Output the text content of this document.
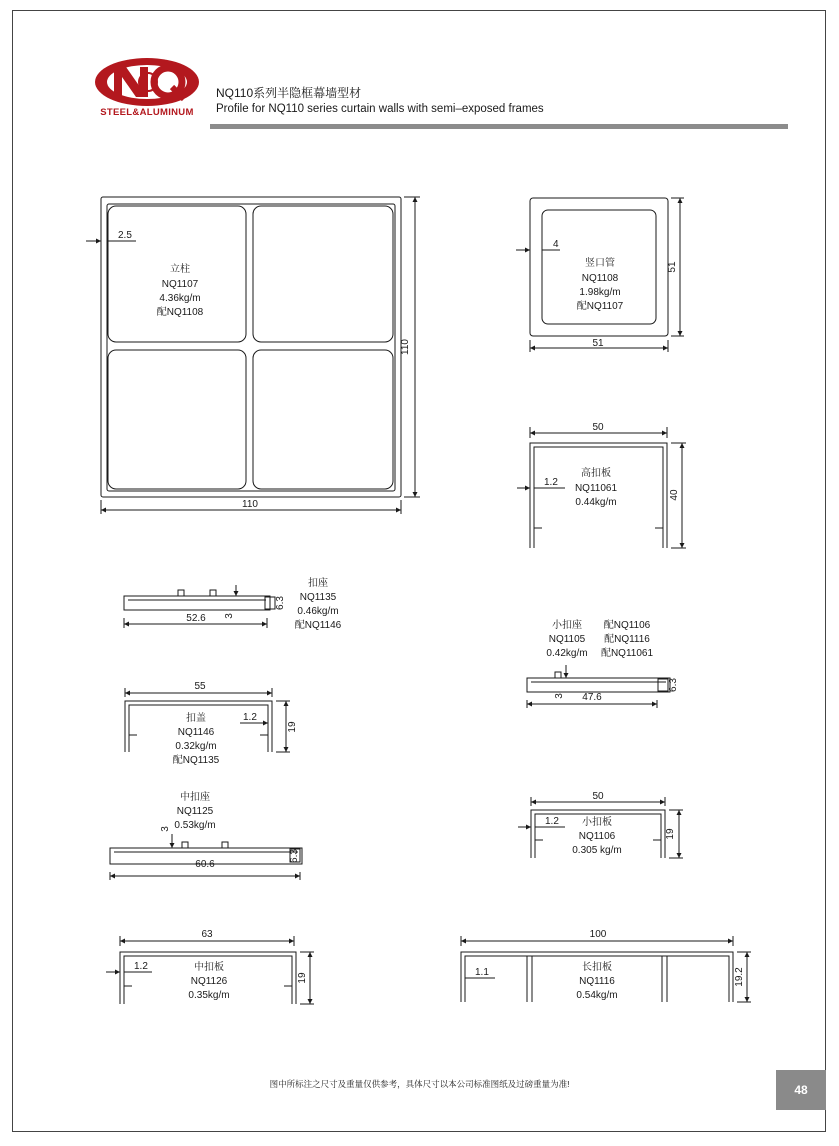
STEEL&ALUMINUM
NQ110系列半隐框幕墙型材
Profile for NQ110 series curtain walls with semi–exposed frames
2.5
立柱
NQ1107
4.36kg/m
配NQ1108
110
110
4
竖口管
NQ1108
1.98kg/m
配NQ1107
51
51
50
1.2
高扣板
NQ11061
0.44kg/m
40
扣座
NQ1135
0.46kg/m
配NQ1146
52.6 3
6.3
小扣座
NQ1105
0.42kg/m
配NQ1106
配NQ1116
配NQ11061
47.6
3
6.3
55
1.2
扣盖
NQ1146
0.32kg/m
配NQ1135
19
中扣座
NQ1125
0.53kg/m
60.6
3
6.3
50
1.2 小扣板
NQ1106
0.305 kg/m
19
63
1.2	中扣板
NQ1126
0.35kg/m
19
100
1.1	长扣板
NQ1116
0.54kg/m
19.2
图中所标注之尺寸及重量仅供参考，具体尺寸以本公司标准图纸及过磅重量为准!	48
